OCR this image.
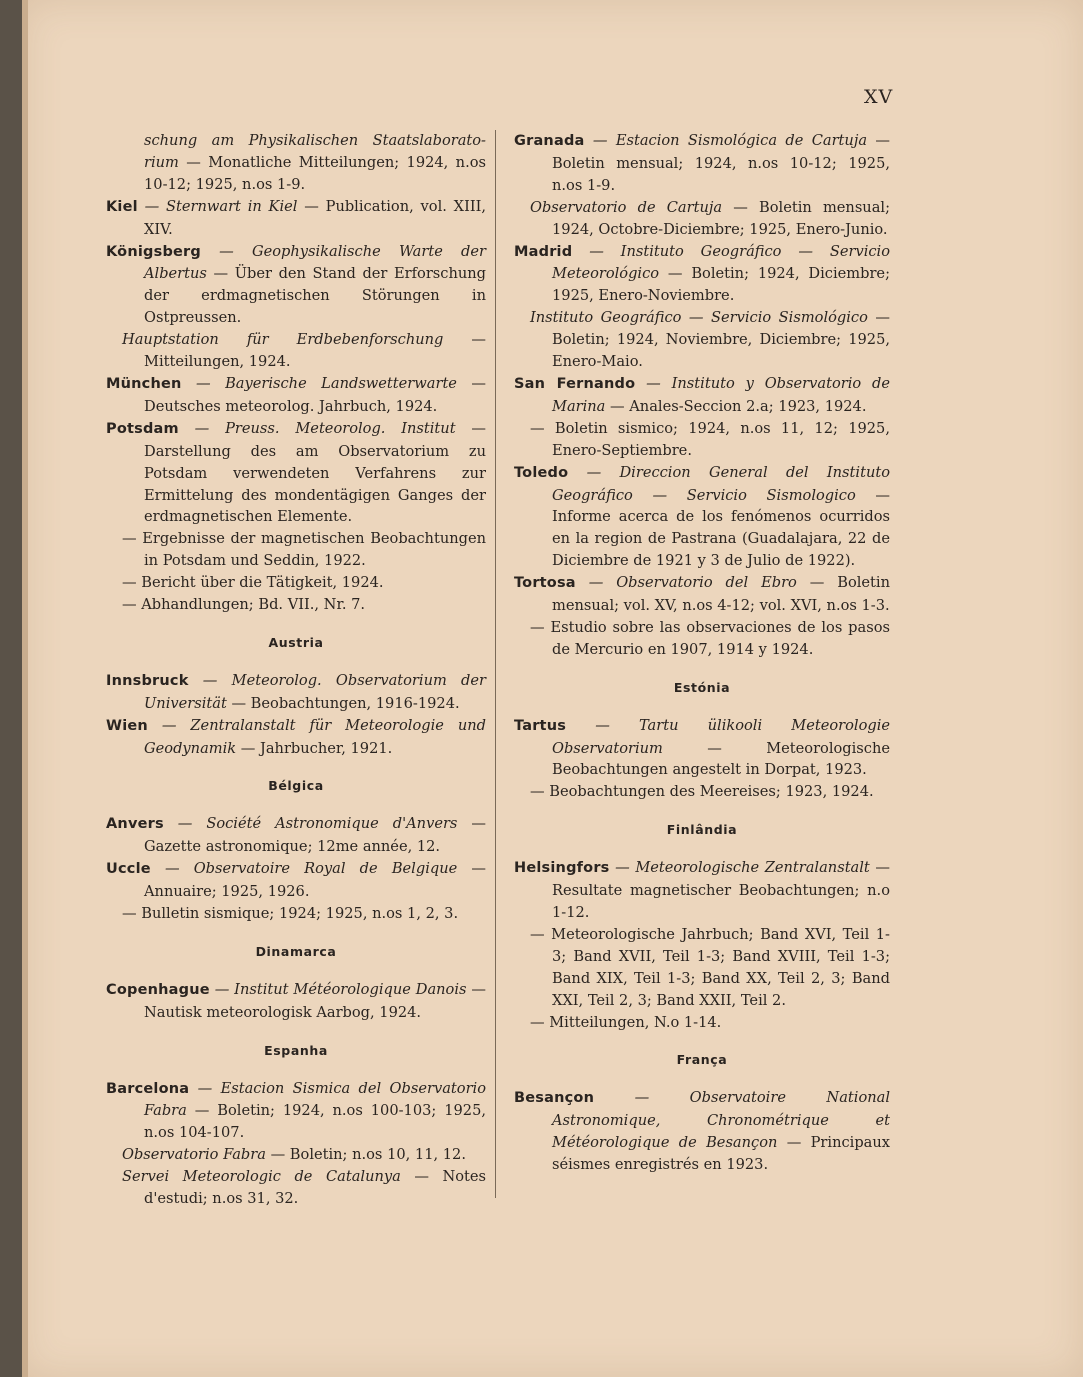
XV

schung am Physikalischen Staatslaborato-rium — Monatliche Mitteilungen; 1924, n.os 10-12; 1925, n.os 1-9.

Kiel — Sternwart in Kiel — Publication, vol. XIII, XIV.

Königsberg — Geophysikalische Warte der Albertus — Über den Stand der Erforschung der erdmagnetischen Störungen in Ostpreussen.

Hauptstation für Erdbebenforschung — Mitteilungen, 1924.

München — Bayerische Landswetterwarte — Deutsches meteorolog. Jahrbuch, 1924.

Potsdam — Preuss. Meteorolog. Institut — Darstellung des am Observatorium zu Potsdam verwendeten Verfahrens zur Ermittelung des mondentägigen Ganges der erdmagnetischen Elemente.

— Ergebnisse der magnetischen Beobachtungen in Potsdam und Seddin, 1922.

— Bericht über die Tätigkeit, 1924.

— Abhandlungen; Bd. VII., Nr. 7.

Austria

Innsbruck — Meteorolog. Observatorium der Universität — Beobachtungen, 1916-1924.

Wien — Zentralanstalt für Meteorologie und Geodynamik — Jahrbucher, 1921.

Bélgica

Anvers — Société Astronomique d'Anvers — Gazette astronomique; 12me année, 12.

Uccle — Observatoire Royal de Belgique — Annuaire; 1925, 1926.

— Bulletin sismique; 1924; 1925, n.os 1, 2, 3.

Dinamarca

Copenhague — Institut Météorologique Danois — Nautisk meteorologisk Aarbog, 1924.

Espanha

Barcelona — Estacion Sismica del Observatorio Fabra — Boletin; 1924, n.os 100-103; 1925, n.os 104-107.

Observatorio Fabra — Boletin; n.os 10, 11, 12.

Servei Meteorologic de Catalunya — Notes d'estudi; n.os 31, 32.

Granada — Estacion Sismológica de Cartuja — Boletin mensual; 1924, n.os 10-12; 1925, n.os 1-9.

Observatorio de Cartuja — Boletin mensual; 1924, Octobre-Diciembre; 1925, Enero-Junio.

Madrid — Instituto Geográfico — Servicio Meteorológico — Boletin; 1924, Diciembre; 1925, Enero-Noviembre.

Instituto Geográfico — Servicio Sismológico — Boletin; 1924, Noviembre, Diciembre; 1925, Enero-Maio.

San Fernando — Instituto y Observatorio de Marina — Anales-Seccion 2.a; 1923, 1924.

— Boletin sismico; 1924, n.os 11, 12; 1925, Enero-Septiembre.

Toledo — Direccion General del Instituto Geográfico — Servicio Sismologico — Informe acerca de los fenómenos ocurridos en la region de Pastrana (Guadalajara, 22 de Diciembre de 1921 y 3 de Julio de 1922).

Tortosa — Observatorio del Ebro — Boletin mensual; vol. XV, n.os 4-12; vol. XVI, n.os 1-3.

— Estudio sobre las observaciones de los pasos de Mercurio en 1907, 1914 y 1924.

Estónia

Tartus — Tartu ülikooli Meteorologie Observatorium — Meteorologische Beobachtungen angestelt in Dorpat, 1923.

— Beobachtungen des Meereises; 1923, 1924.

Finlândia

Helsingfors — Meteorologische Zentralanstalt — Resultate magnetischer Beobachtungen; n.o 1-12.

— Meteorologische Jahrbuch; Band XVI, Teil 1-3; Band XVII, Teil 1-3; Band XVIII, Teil 1-3; Band XIX, Teil 1-3; Band XX, Teil 2, 3; Band XXI, Teil 2, 3; Band XXII, Teil 2.

— Mitteilungen, N.o 1-14.

França

Besançon — Observatoire National Astronomique, Chronométrique et Météorologique de Besançon — Principaux séismes enregistrés en 1923.
